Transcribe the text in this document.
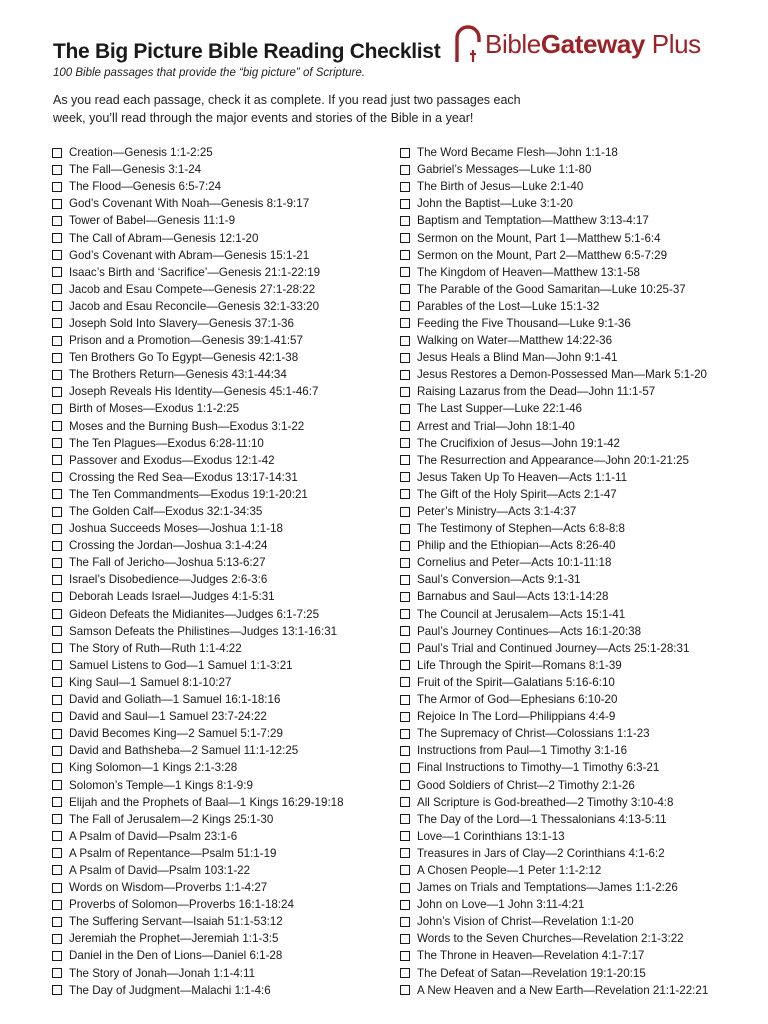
The Big Picture Bible Reading Checklist

100 Bible passages that provide the “big picture” of Scripture.

As you read each passage, check it as complete. If you read just two passages each week, you’ll read through the major events and stories of the Bible in a year!

BibleGateway Plus
Creation—Genesis 1:1-2:25
The Fall—Genesis 3:1-24
The Flood—Genesis 6:5-7:24
God’s Covenant With Noah—Genesis 8:1-9:17
Tower of Babel—Genesis 11:1-9
The Call of Abram—Genesis 12:1-20
God’s Covenant with Abram—Genesis 15:1-21
Isaac’s Birth and ‘Sacrifice’—Genesis 21:1-22:19
Jacob and Esau Compete—Genesis 27:1-28:22
Jacob and Esau Reconcile—Genesis 32:1-33:20
Joseph Sold Into Slavery—Genesis 37:1-36
Prison and a Promotion—Genesis 39:1-41:57
Ten Brothers Go To Egypt—Genesis 42:1-38
The Brothers Return—Genesis 43:1-44:34
Joseph Reveals His Identity—Genesis 45:1-46:7
Birth of Moses—Exodus 1:1-2:25
Moses and the Burning Bush—Exodus 3:1-22
The Ten Plagues—Exodus 6:28-11:10
Passover and Exodus—Exodus 12:1-42
Crossing the Red Sea—Exodus 13:17-14:31
The Ten Commandments—Exodus 19:1-20:21
The Golden Calf—Exodus 32:1-34:35
Joshua Succeeds Moses—Joshua 1:1-18
Crossing the Jordan—Joshua 3:1-4:24
The Fall of Jericho—Joshua 5:13-6:27
Israel’s Disobedience—Judges 2:6-3:6
Deborah Leads Israel—Judges 4:1-5:31
Gideon Defeats the Midianites—Judges 6:1-7:25
Samson Defeats the Philistines—Judges 13:1-16:31
The Story of Ruth—Ruth 1:1-4:22
Samuel Listens to God—1 Samuel 1:1-3:21
King Saul—1 Samuel 8:1-10:27
David and Goliath—1 Samuel 16:1-18:16
David and Saul—1 Samuel 23:7-24:22
David Becomes King—2 Samuel 5:1-7:29
David and Bathsheba—2 Samuel 11:1-12:25
King Solomon—1 Kings 2:1-3:28
Solomon’s Temple—1 Kings 8:1-9:9
Elijah and the Prophets of Baal—1 Kings 16:29-19:18
The Fall of Jerusalem—2 Kings 25:1-30
A Psalm of David—Psalm 23:1-6
A Psalm of Repentance—Psalm 51:1-19
A Psalm of David—Psalm 103:1-22
Words on Wisdom—Proverbs 1:1-4:27
Proverbs of Solomon—Proverbs 16:1-18:24
The Suffering Servant—Isaiah 51:1-53:12
Jeremiah the Prophet—Jeremiah 1:1-3:5
Daniel in the Den of Lions—Daniel 6:1-28
The Story of Jonah—Jonah 1:1-4:11
The Day of Judgment—Malachi 1:1-4:6
The Word Became Flesh—John 1:1-18
Gabriel’s Messages—Luke 1:1-80
The Birth of Jesus—Luke 2:1-40
John the Baptist—Luke 3:1-20
Baptism and Temptation—Matthew 3:13-4:17
Sermon on the Mount, Part 1—Matthew 5:1-6:4
Sermon on the Mount, Part 2—Matthew 6:5-7:29
The Kingdom of Heaven—Matthew 13:1-58
The Parable of the Good Samaritan—Luke 10:25-37
Parables of the Lost—Luke 15:1-32
Feeding the Five Thousand—Luke 9:1-36
Walking on Water—Matthew 14:22-36
Jesus Heals a Blind Man—John 9:1-41
Jesus Restores a Demon-Possessed Man—Mark 5:1-20
Raising Lazarus from the Dead—John 11:1-57
The Last Supper—Luke 22:1-46
Arrest and Trial—John 18:1-40
The Crucifixion of Jesus—John 19:1-42
The Resurrection and Appearance—John 20:1-21:25
Jesus Taken Up To Heaven—Acts 1:1-11
The Gift of the Holy Spirit—Acts 2:1-47
Peter’s Ministry—Acts 3:1-4:37
The Testimony of Stephen—Acts 6:8-8:8
Philip and the Ethiopian—Acts 8:26-40
Cornelius and Peter—Acts 10:1-11:18
Saul’s Conversion—Acts 9:1-31
Barnabus and Saul—Acts 13:1-14:28
The Council at Jerusalem—Acts 15:1-41
Paul’s Journey Continues—Acts 16:1-20:38
Paul’s Trial and Continued Journey—Acts 25:1-28:31
Life Through the Spirit—Romans 8:1-39
Fruit of the Spirit—Galatians 5:16-6:10
The Armor of God—Ephesians 6:10-20
Rejoice In The Lord—Philippians 4:4-9
The Supremacy of Christ—Colossians 1:1-23
Instructions from Paul—1 Timothy 3:1-16
Final Instructions to Timothy—1 Timothy 6:3-21
Good Soldiers of Christ—2 Timothy 2:1-26
All Scripture is God-breathed—2 Timothy 3:10-4:8
The Day of the Lord—1 Thessalonians 4:13-5:11
Love—1 Corinthians 13:1-13
Treasures in Jars of Clay—2 Corinthians 4:1-6:2
A Chosen People—1 Peter 1:1-2:12
James on Trials and Temptations—James 1:1-2:26
John on Love—1 John 3:11-4:21
John’s Vision of Christ—Revelation 1:1-20
Words to the Seven Churches—Revelation 2:1-3:22
The Throne in Heaven—Revelation 4:1-7:17
The Defeat of Satan—Revelation 19:1-20:15
A New Heaven and a New Earth—Revelation 21:1-22:21
